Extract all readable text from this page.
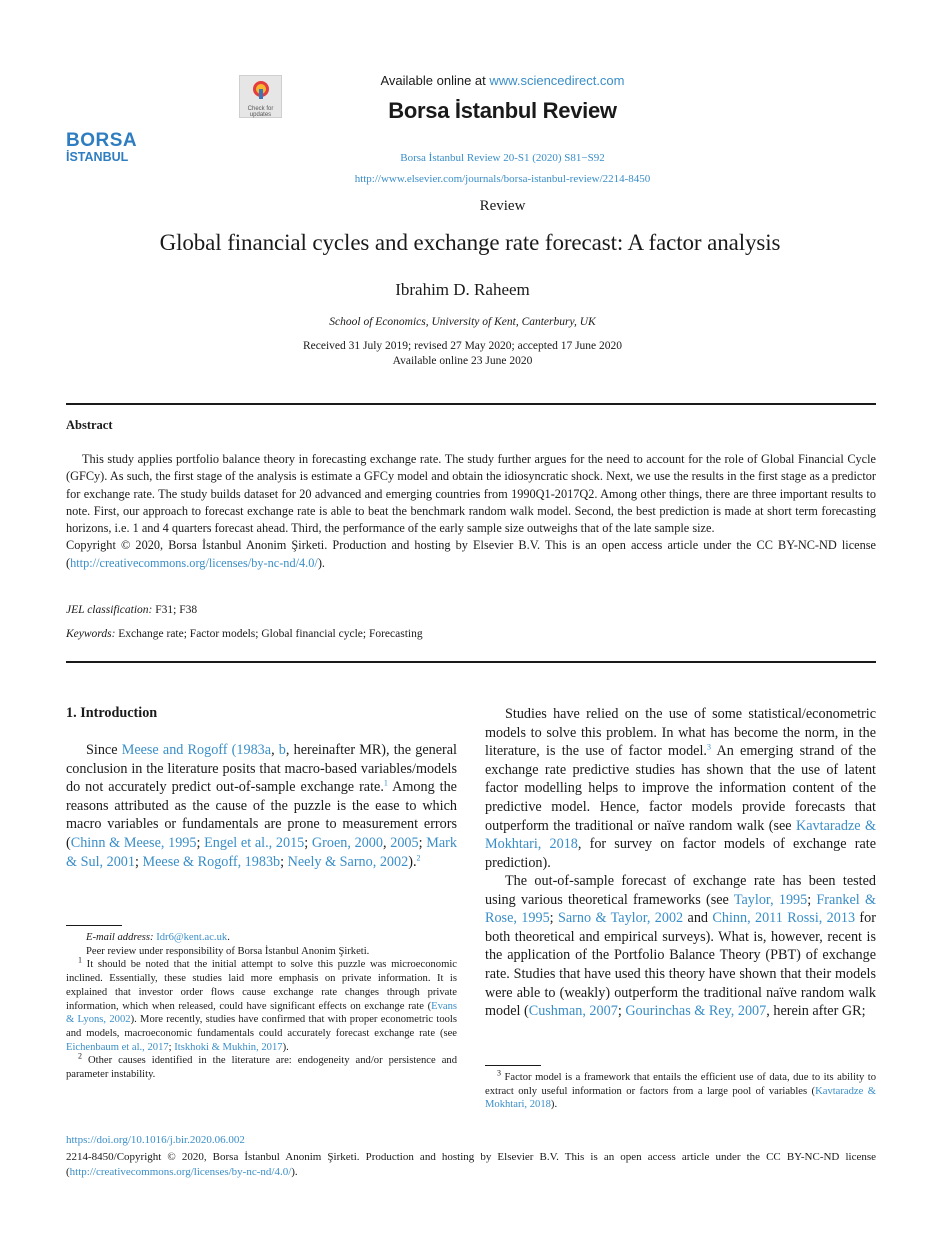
Available online at www.sciencedirect.com
Check for
updates	Borsa İstanbul Review
BORSA
İSTANBUL	Borsa İstanbul Review 20-S1 (2020) S81−S92
http://www.elsevier.com/journals/borsa-istanbul-review/2214-8450
Review
Global financial cycles and exchange rate forecast: A factor analysis
Ibrahim D. Raheem
School of Economics, University of Kent, Canterbury, UK
Received 31 July 2019; revised 27 May 2020; accepted 17 June 2020
Available online 23 June 2020
Abstract
This study applies portfolio balance theory in forecasting exchange rate. The study further argues for the need to account for the role of Global Financial Cycle (GFCy). As such, the first stage of the analysis is estimate a GFCy model and obtain the idiosyncratic shock. Next, we use the results in the first stage as a predictor for exchange rate. The study builds dataset for 20 advanced and emerging countries from 1990Q1-2017Q2. Among other things, there are three important results to note. First, our approach to forecast exchange rate is able to beat the benchmark random walk model. Second, the best prediction is made at short term forecasting horizons, i.e. 1 and 4 quarters forecast ahead. Third, the performance of the early sample size outweighs that of the late sample size.
Copyright © 2020, Borsa İstanbul Anonim Şirketi. Production and hosting by Elsevier B.V. This is an open access article under the CC BY-NC-ND license (http://creativecommons.org/licenses/by-nc-nd/4.0/).
JEL classification: F31; F38
Keywords: Exchange rate; Factor models; Global financial cycle; Forecasting
1. Introduction
Since Meese and Rogoff (1983a, b, hereinafter MR), the general conclusion in the literature posits that macro-based variables/models do not accurately predict out-of-sample exchange rate.$^1$ Among the reasons attributed as the cause of the puzzle is the ease to which macro variables or fundamentals are prone to measurement errors (Chinn & Meese, 1995; Engel et al., 2015; Groen, 2000, 2005; Mark & Sul, 2001; Meese & Rogoff, 1983b; Neely & Sarno, 2002).$^2$
E-mail address: Idr6@kent.ac.uk.
Peer review under responsibility of Borsa İstanbul Anonim Şirketi.
$^1$ It should be noted that the initial attempt to solve this puzzle was microeconomic inclined. Essentially, these studies laid more emphasis on private information. It is explained that investor order flows cause exchange rate changes through private information, which when released, could have significant effects on exchange rate (Evans & Lyons, 2002). More recently, studies have confirmed that with proper econometric tools and models, macroeconomic fundamentals could accurately forecast exchange rate (see Eichenbaum et al., 2017; Itskhoki & Mukhin, 2017).
$^2$ Other causes identified in the literature are: endogeneity and/or persistence and parameter instability.
Studies have relied on the use of some statistical/econometric models to solve this problem. In what has become the norm, in the literature, is the use of factor model.$^3$ An emerging strand of the exchange rate predictive studies has shown that the use of latent factor modelling helps to improve the information content of the predictive model. Hence, factor models provide forecasts that outperform the traditional or naïve random walk (see Kavtaradze & Mokhtari, 2018, for survey on factor models of exchange rate prediction).
The out-of-sample forecast of exchange rate has been tested using various theoretical frameworks (see Taylor, 1995; Frankel & Rose, 1995; Sarno & Taylor, 2002 and Chinn, 2011 Rossi, 2013 for both theoretical and empirical surveys). What is, however, recent is the application of the Portfolio Balance Theory (PBT) of exchange rate. Studies that have used this theory have shown that their models were able to (weakly) outperform the traditional naïve random walk model (Cushman, 2007; Gourinchas & Rey, 2007, herein after GR;
$^3$ Factor model is a framework that entails the efficient use of data, due to its ability to extract only useful information or factors from a large pool of variables (Kavtaradze & Mokhtari, 2018).
https://doi.org/10.1016/j.bir.2020.06.002
2214-8450/Copyright © 2020, Borsa İstanbul Anonim Şirketi. Production and hosting by Elsevier B.V. This is an open access article under the CC BY-NC-ND license (http://creativecommons.org/licenses/by-nc-nd/4.0/).
